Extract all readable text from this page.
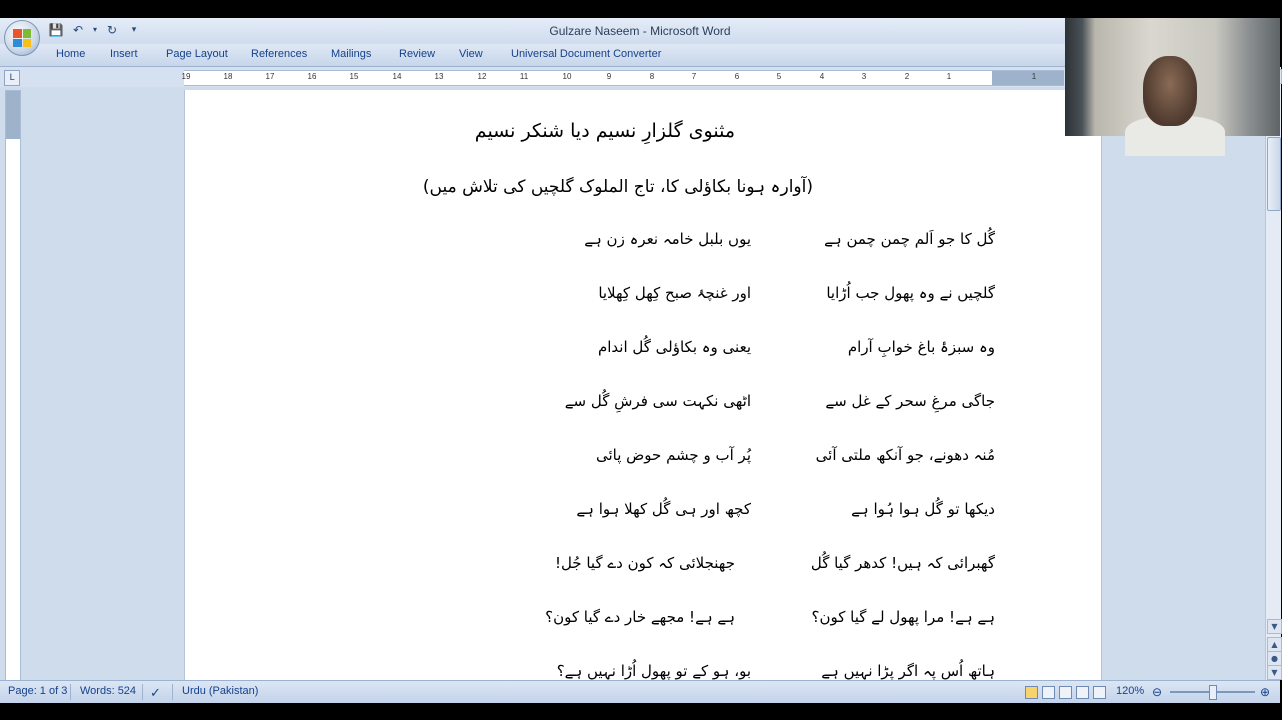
💾 ↶	▾ ↻	▾	Gulzare Naseem - Microsoft Word
Home Insert	Page Layout References Mailings	Review View	Universal Document Converter
L	19	18	17	16	15	14	13	12	11	10	9	8	7	6	5	4	3	2	1	1
مثنوی گلزارِ نسیم دیا شنکر نسیم
(آوارہ ہونا بکاؤلی کا، تاج الملوک گلچیں کی تلاش میں)
گُل کا جو اَلم چمن چمن ہے
یوں بلبل خامہ نعرہ زن ہے
گلچیں نے وہ پھول جب اُڑایا
اور غنچۂ صبح کِھل کِھلایا
وہ سبزۂ باغ خوابِ آرام
یعنی وہ بکاؤلی گُل اندام
جاگی مرغِ سحر کے غل سے
اٹھی نکہت سی فرشِ گُل سے
مُنہ دھونے، جو آنکھ ملتی آئی
پُر آب و چشم حوض پائی
دیکھا تو گُل ہوا ہُوا ہے
کچھ اور ہی گُل کھلا ہوا ہے
گھبرائی کہ ہیں! کدھر گیا گُل
جھنجلائی کہ کون دے گیا جُل!
ہے ہے! مرا پھول لے گیا کون؟
ہے ہے! مجھے خار دے گیا کون؟
ہاتھ اُس پہ اگر پڑا نہیں ہے
بو، ہو کے تو پھول اُڑا نہیں ہے؟
▼
▲
●
▼
Page: 1 of 3 Words: 524 ✓ Urdu (Pakistan)	120% ⊖	⊕
